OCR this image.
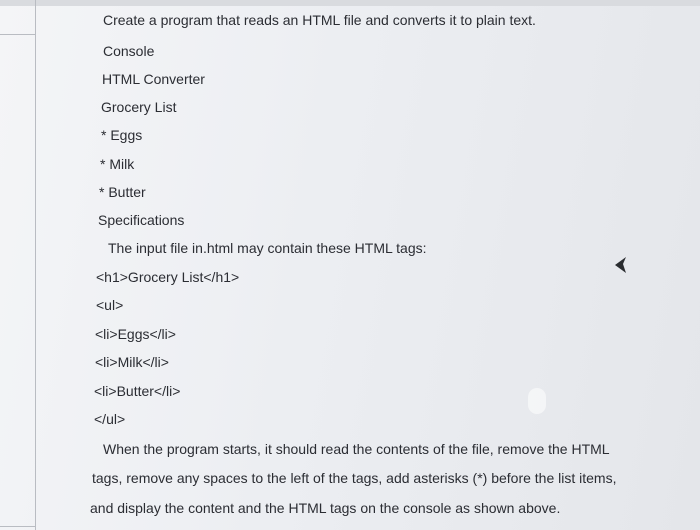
Create a program that reads an HTML file and converts it to plain text.

Console

HTML Converter

Grocery List

* Eggs

* Milk

* Butter

Specifications

The input file in.html may contain these HTML tags:

<h1>Grocery List</h1>

<ul>

<li>Eggs</li>

<li>Milk</li>

<li>Butter</li>

</ul>

When the program starts, it should read the contents of the file, remove the HTML

tags, remove any spaces to the left of the tags, add asterisks (*) before the list items,

and display the content and the HTML tags on the console as shown above.
